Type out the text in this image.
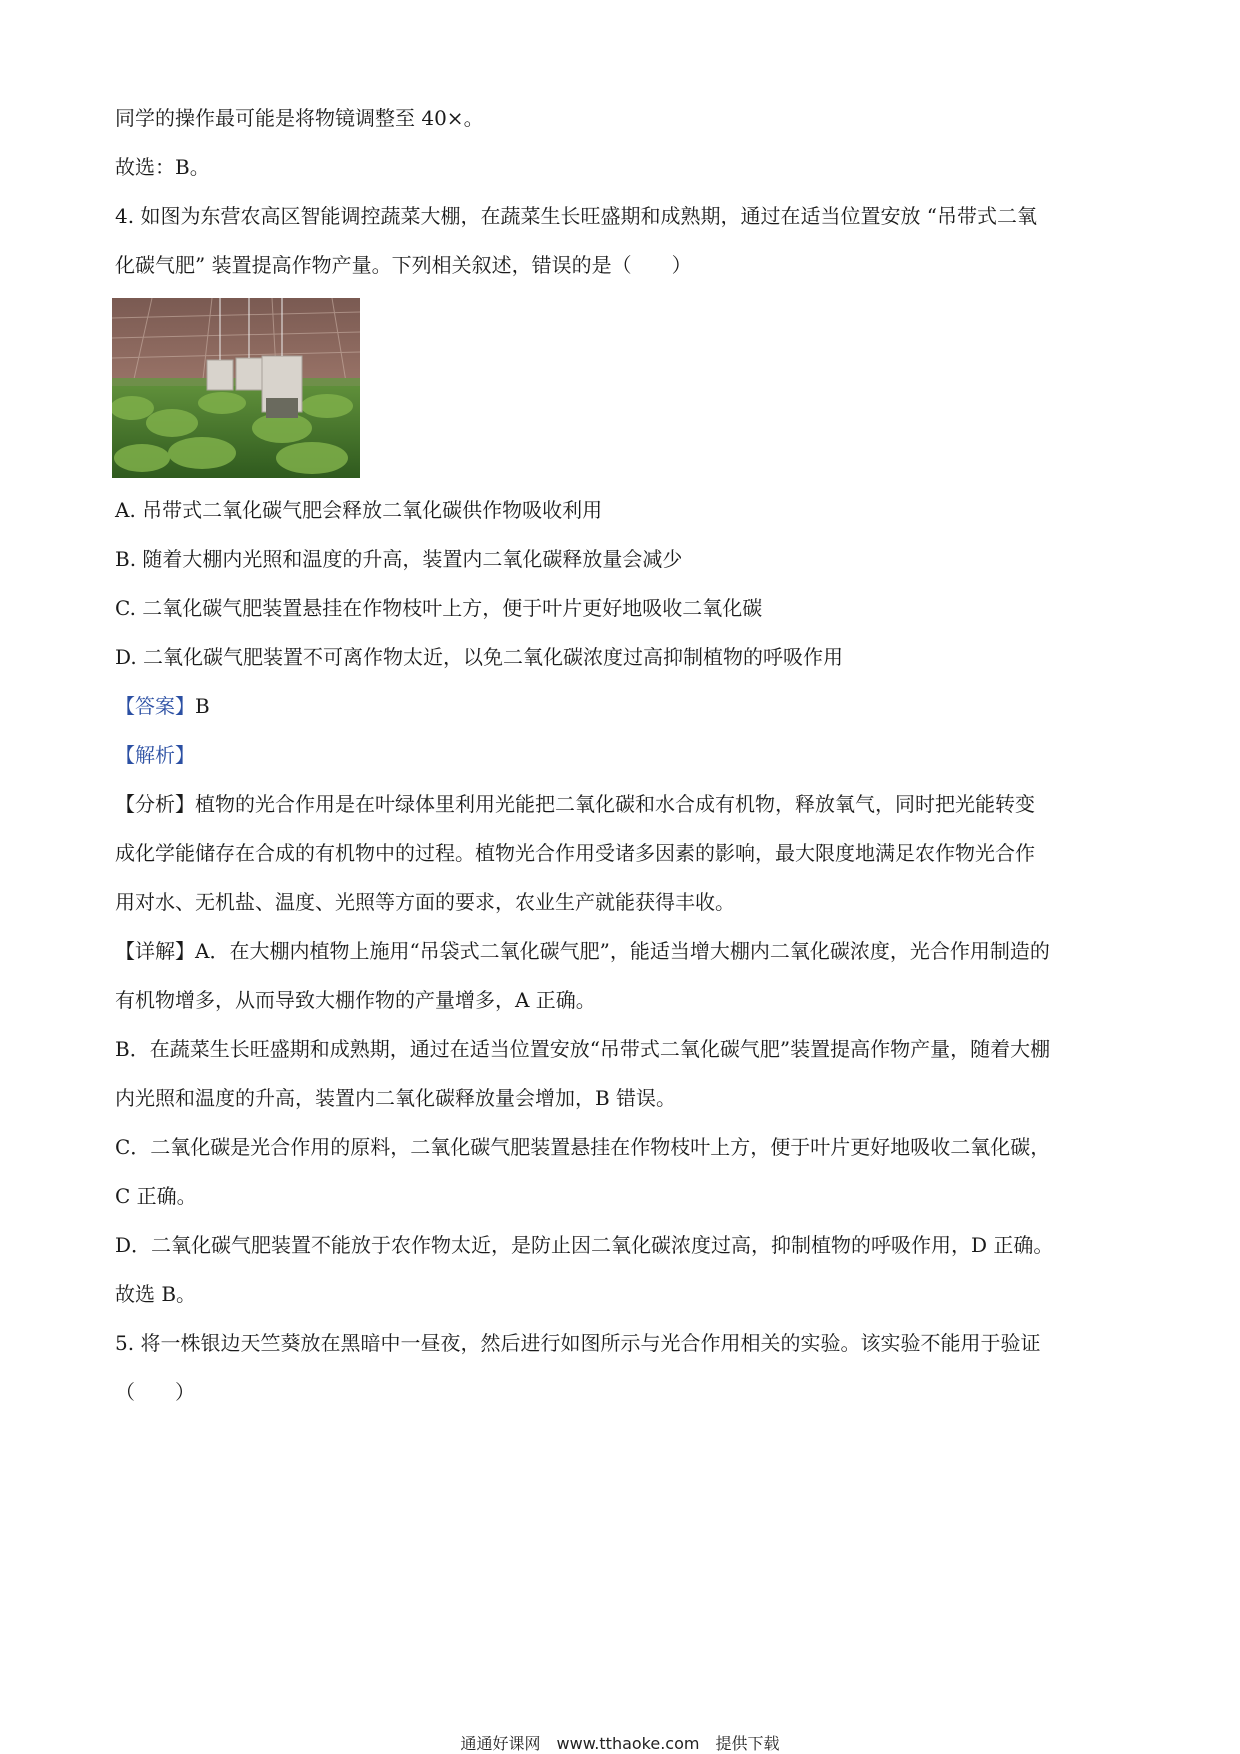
同学的操作最可能是将物镜调整至 40×。
故选：B。
4. 如图为东营农高区智能调控蔬菜大棚，在蔬菜生长旺盛期和成熟期，通过在适当位置安放 “吊带式二氧
化碳气肥” 装置提高作物产量。下列相关叙述，错误的是（　　）
A. 吊带式二氧化碳气肥会释放二氧化碳供作物吸收利用
B. 随着大棚内光照和温度的升高，装置内二氧化碳释放量会减少
C. 二氧化碳气肥装置悬挂在作物枝叶上方，便于叶片更好地吸收二氧化碳
D. 二氧化碳气肥装置不可离作物太近，以免二氧化碳浓度过高抑制植物的呼吸作用
【答案】B
【解析】
【分析】植物的光合作用是在叶绿体里利用光能把二氧化碳和水合成有机物，释放氧气，同时把光能转变
成化学能储存在合成的有机物中的过程。植物光合作用受诸多因素的影响，最大限度地满足农作物光合作
用对水、无机盐、温度、光照等方面的要求，农业生产就能获得丰收。
【详解】A．在大棚内植物上施用“吊袋式二氧化碳气肥”，能适当增大棚内二氧化碳浓度，光合作用制造的
有机物增多，从而导致大棚作物的产量增多，A 正确。
B．在蔬菜生长旺盛期和成熟期，通过在适当位置安放“吊带式二氧化碳气肥”装置提高作物产量，随着大棚
内光照和温度的升高，装置内二氧化碳释放量会增加，B 错误。
C．二氧化碳是光合作用的原料，二氧化碳气肥装置悬挂在作物枝叶上方，便于叶片更好地吸收二氧化碳，
C 正确。
D．二氧化碳气肥装置不能放于农作物太近，是防止因二氧化碳浓度过高，抑制植物的呼吸作用，D 正确。
故选 B。
5. 将一株银边天竺葵放在黑暗中一昼夜，然后进行如图所示与光合作用相关的实验。该实验不能用于验证
（　　）
通通好课网　www.tthaoke.com　提供下载
